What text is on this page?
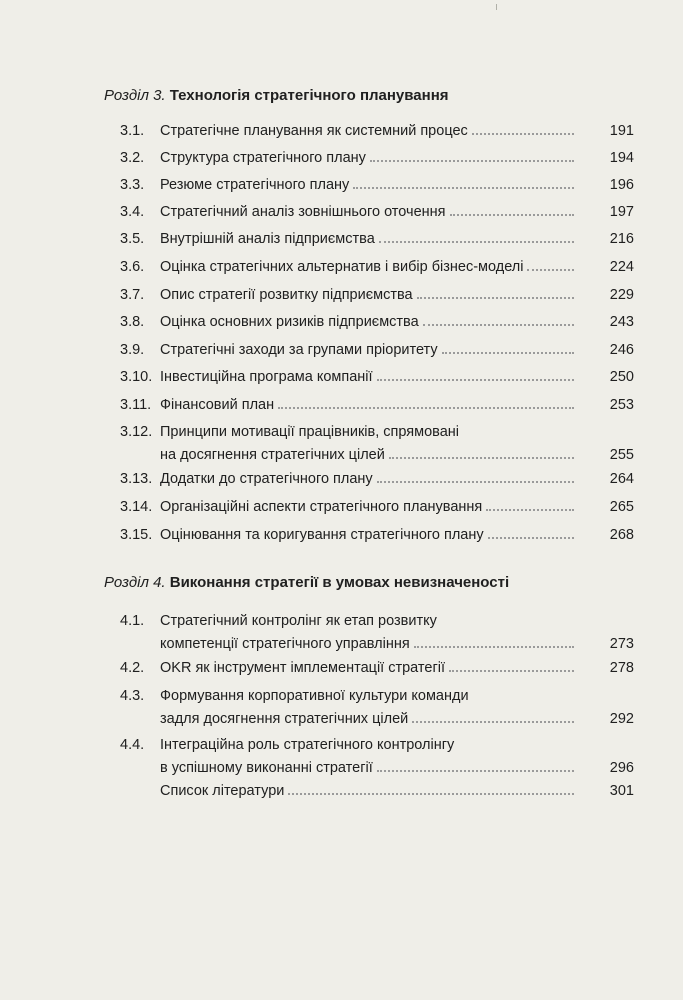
Розділ 3. Технологія стратегічного планування
3.1.	Стратегічне планування як системний процес	191
3.2.	Структура стратегічного плану	194
3.3.	Резюме стратегічного плану	196
3.4.	Стратегічний аналіз зовнішнього оточення	197
3.5.	Внутрішній аналіз підприємства	216
3.6.	Оцінка стратегічних альтернатив і вибір бізнес-моделі	224
3.7.	Опис стратегії розвитку підприємства	229
3.8.	Оцінка основних ризиків підприємства	243
3.9.	Стратегічні заходи за групами пріоритету	246
3.10. Інвестиційна програма компанії	250
3.11. Фінансовий план	253
3.12. Принципи мотивації працівників, спрямовані
на досягнення стратегічних цілей	255
3.13. Додатки до стратегічного плану	264
3.14. Організаційні аспекти стратегічного планування	265
3.15. Оцінювання та коригування стратегічного плану	268
Розділ 4. Виконання стратегії в умовах невизначеності
4.1.	Стратегічний контролінг як етап розвитку
компетенції стратегічного управління	273
4.2.	OKR як інструмент імплементації стратегії	278
4.3.	Формування корпоративної культури команди
задля досягнення стратегічних цілей	292
4.4.	Інтеграційна роль стратегічного контролінгу
в успішному виконанні стратегії	296
Список літератури	301
